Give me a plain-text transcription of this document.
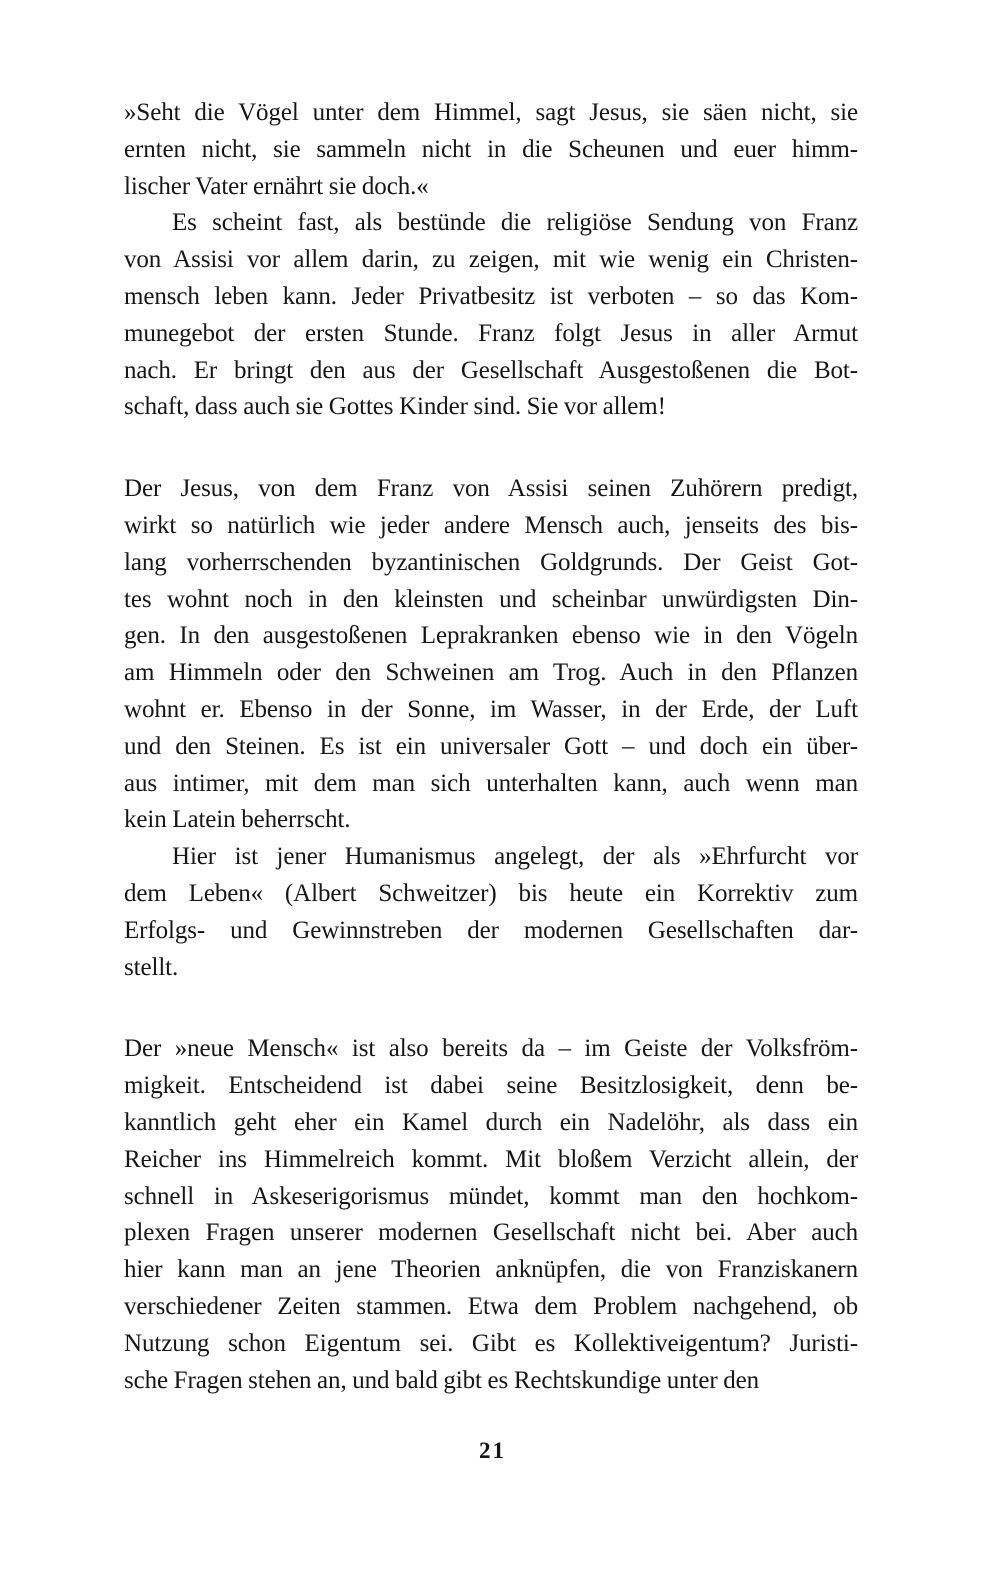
»Seht die Vögel unter dem Himmel, sagt Jesus, sie säen nicht, sie
ernten nicht, sie sammeln nicht in die Scheunen und euer himm-
lischer Vater ernährt sie doch.«
Es scheint fast, als bestünde die religiöse Sendung von Franz
von Assisi vor allem darin, zu zeigen, mit wie wenig ein Christen-
mensch leben kann. Jeder Privatbesitz ist verboten – so das Kom-
munegebot der ersten Stunde. Franz folgt Jesus in aller Armut
nach. Er bringt den aus der Gesellschaft Ausgestoßenen die Bot-
schaft, dass auch sie Gottes Kinder sind. Sie vor allem!
Der Jesus, von dem Franz von Assisi seinen Zuhörern predigt,
wirkt so natürlich wie jeder andere Mensch auch, jenseits des bis-
lang vorherrschenden byzantinischen Goldgrunds. Der Geist Got-
tes wohnt noch in den kleinsten und scheinbar unwürdigsten Din-
gen. In den ausgestoßenen Leprakranken ebenso wie in den Vögeln
am Himmeln oder den Schweinen am Trog. Auch in den Pflanzen
wohnt er. Ebenso in der Sonne, im Wasser, in der Erde, der Luft
und den Steinen. Es ist ein universaler Gott – und doch ein über-
aus intimer, mit dem man sich unterhalten kann, auch wenn man
kein Latein beherrscht.
Hier ist jener Humanismus angelegt, der als »Ehrfurcht vor
dem Leben« (Albert Schweitzer) bis heute ein Korrektiv zum
Erfolgs- und Gewinnstreben der modernen Gesellschaften dar-
stellt.
Der »neue Mensch« ist also bereits da – im Geiste der Volksfröm-
migkeit. Entscheidend ist dabei seine Besitzlosigkeit, denn be-
kanntlich geht eher ein Kamel durch ein Nadelöhr, als dass ein
Reicher ins Himmelreich kommt. Mit bloßem Verzicht allein, der
schnell in Askeserigorismus mündet, kommt man den hochkom-
plexen Fragen unserer modernen Gesellschaft nicht bei. Aber auch
hier kann man an jene Theorien anknüpfen, die von Franziskanern
verschiedener Zeiten stammen. Etwa dem Problem nachgehend, ob
Nutzung schon Eigentum sei. Gibt es Kollektiveigentum? Juristi-
sche Fragen stehen an, und bald gibt es Rechtskundige unter den
21
